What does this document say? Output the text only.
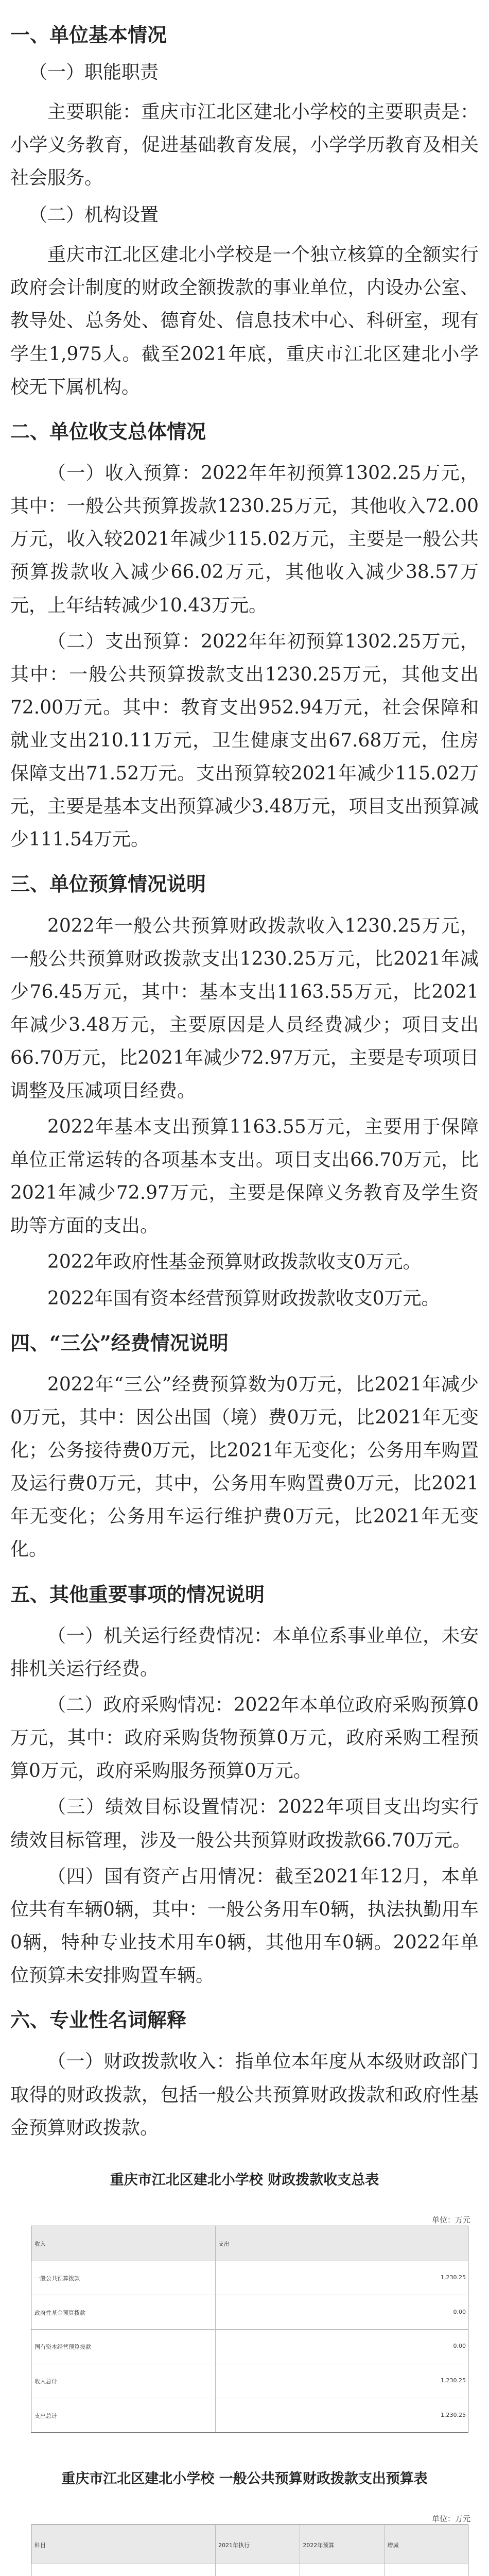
一、单位基本情况
（一）职能职责

主要职能：重庆市江北区建北小学校的主要职责是：小学义务教育，促进基础教育发展，小学学历教育及相关社会服务。

（二）机构设置

重庆市江北区建北小学校是一个独立核算的全额实行政府会计制度的财政全额拨款的事业单位，内设办公室、教导处、总务处、德育处、信息技术中心、科研室，现有学生1,975人。截至2021年底，重庆市江北区建北小学校无下属机构。

二、单位收支总体情况

（一）收入预算：2022年年初预算1302.25万元，其中：一般公共预算拨款1230.25万元，其他收入72.00万元，收入较2021年减少115.02万元，主要是一般公共预算拨款收入减少66.02万元，其他收入减少38.57万元，上年结转减少10.43万元。

（二）支出预算：2022年年初预算1302.25万元，其中：一般公共预算拨款支出1230.25万元，其他支出72.00万元。其中：教育支出952.94万元，社会保障和就业支出210.11万元，卫生健康支出67.68万元，住房保障支出71.52万元。支出预算较2021年减少115.02万元，主要是基本支出预算减少3.48万元，项目支出预算减少111.54万元。

三、单位预算情况说明

2022年一般公共预算财政拨款收入1230.25万元，一般公共预算财政拨款支出1230.25万元，比2021年减少76.45万元，其中：基本支出1163.55万元，比2021年减少3.48万元，主要原因是人员经费减少；项目支出66.70万元，比2021年减少72.97万元，主要是专项项目调整及压减项目经费。

2022年基本支出预算1163.55万元，主要用于保障单位正常运转的各项基本支出。项目支出66.70万元，比2021年减少72.97万元，主要是保障义务教育及学生资助等方面的支出。

2022年政府性基金预算财政拨款收支0万元。

2022年国有资本经营预算财政拨款收支0万元。

四、“三公”经费情况说明

2022年“三公”经费预算数为0万元，比2021年减少0万元，其中：因公出国（境）费0万元，比2021年无变化；公务接待费0万元，比2021年无变化；公务用车购置及运行费0万元，其中，公务用车购置费0万元，比2021年无变化；公务用车运行维护费0万元，比2021年无变化。

五、其他重要事项的情况说明

（一）机关运行经费情况：本单位系事业单位，未安排机关运行经费。

（二）政府采购情况：2022年本单位政府采购预算0万元，其中：政府采购货物预算0万元，政府采购工程预算0万元，政府采购服务预算0万元。

（三）绩效目标设置情况：2022年项目支出均实行绩效目标管理，涉及一般公共预算财政拨款66.70万元。

（四）国有资产占用情况：截至2021年12月，本单位共有车辆0辆，其中：一般公务用车0辆，执法执勤用车0辆，特种专业技术用车0辆，其他用车0辆。2022年单位预算未安排购置车辆。

六、专业性名词解释

（一）财政拨款收入：指单位本年度从本级财政部门取得的财政拨款，包括一般公共预算财政拨款和政府性基金预算财政拨款。

重庆市江北区建北小学校 财政拨款收支总表
单位：万元
收入	支出
一般公共预算拨款	1,230.25
政府性基金预算拨款	0.00
国有资本经营预算拨款	0.00
收入总计	1,230.25
支出总计	1,230.25
重庆市江北区建北小学校 一般公共预算财政拨款支出预算表
单位：万元
科目	2021年执行	2022年预算	增减
